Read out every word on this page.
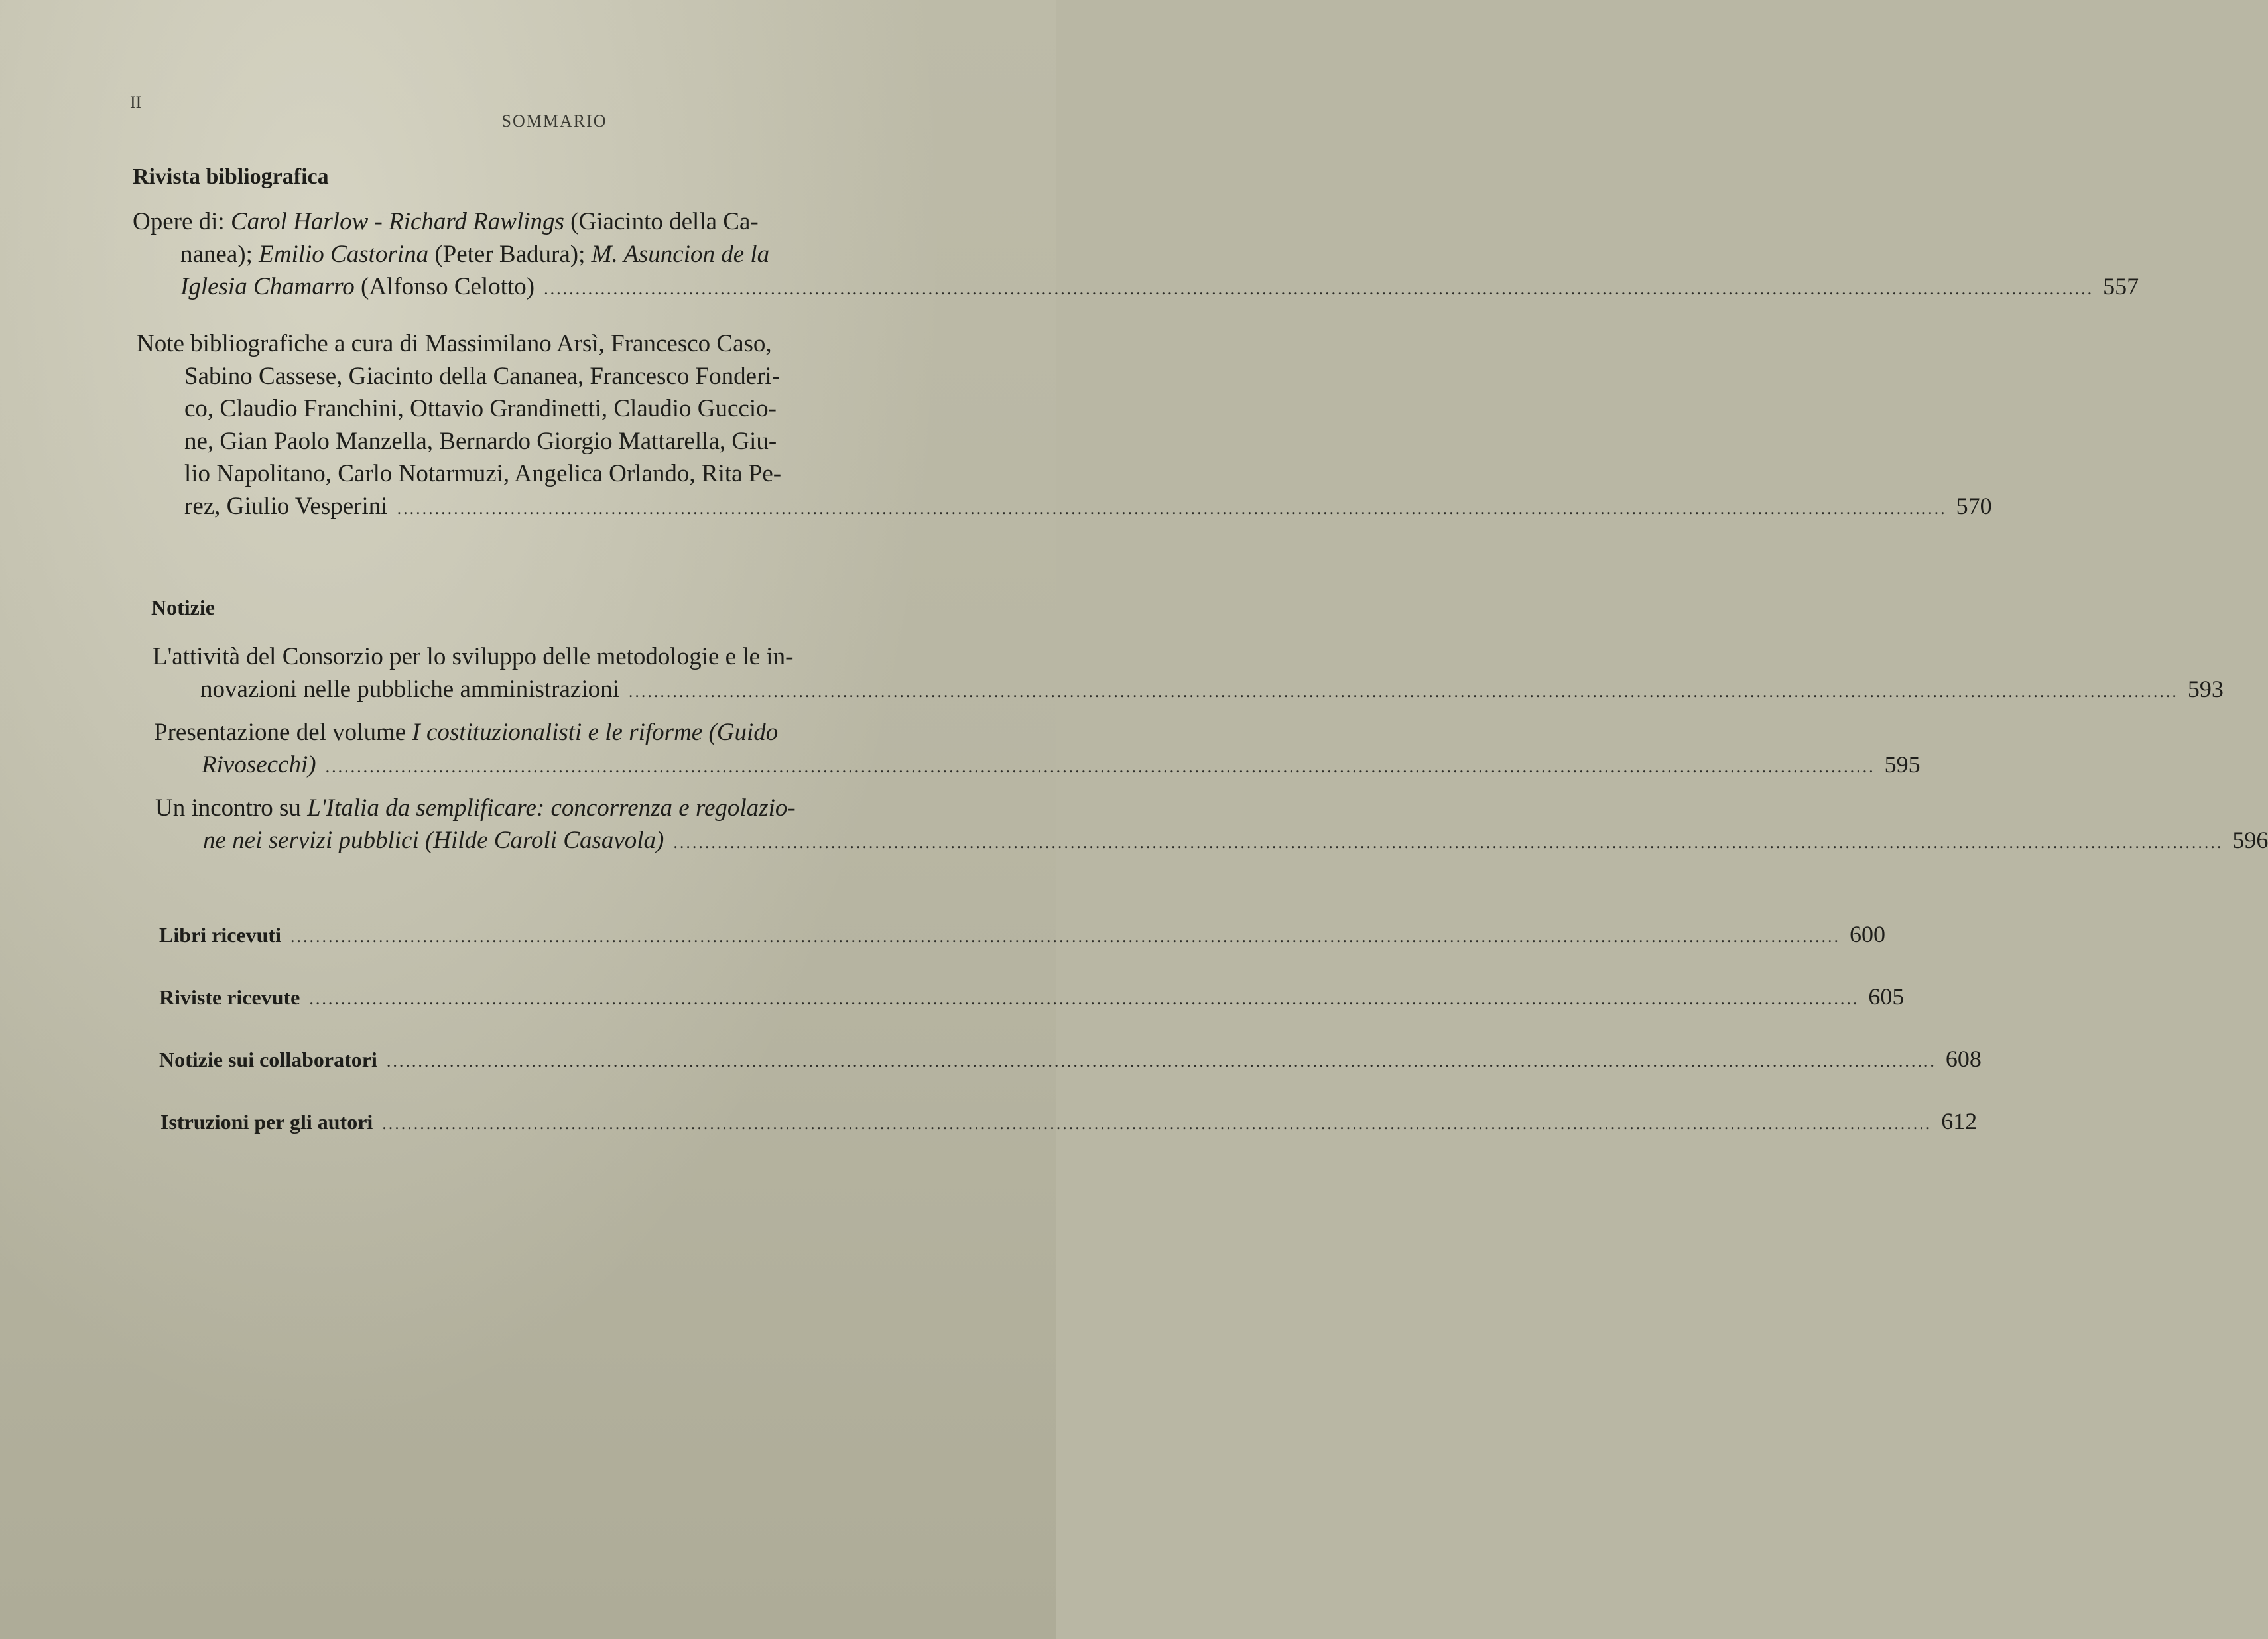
II
SOMMARIO
Rivista bibliografica
Opere di: Carol Harlow - Richard Rawlings (Giacinto della Ca-
nanea); Emilio Castorina (Peter Badura); M. Asuncion de la
Iglesia Chamarro (Alfonso Celotto) .....	557
Note bibliografiche a cura di Massimilano Arsì, Francesco Caso,
Sabino Cassese, Giacinto della Cananea, Francesco Fonderi-
co, Claudio Franchini, Ottavio Grandinetti, Claudio Guccio-
ne, Gian Paolo Manzella, Bernardo Giorgio Mattarella, Giu-
lio Napolitano, Carlo Notarmuzi, Angelica Orlando, Rita Pe-
rez, Giulio Vesperini .....	570
Notizie
L'attività del Consorzio per lo sviluppo delle metodologie e le in-
novazioni nelle pubbliche amministrazioni .....	593
Presentazione del volume I costituzionalisti e le riforme (Guido
Rivosecchi) .....	595
Un incontro su L'Italia da semplificare: concorrenza e regolazio-
ne nei servizi pubblici (Hilde Caroli Casavola) .....	596
Libri ricevuti .....	600
Riviste ricevute .....	605
Notizie sui collaboratori .....	608
Istruzioni per gli autori .....	612
